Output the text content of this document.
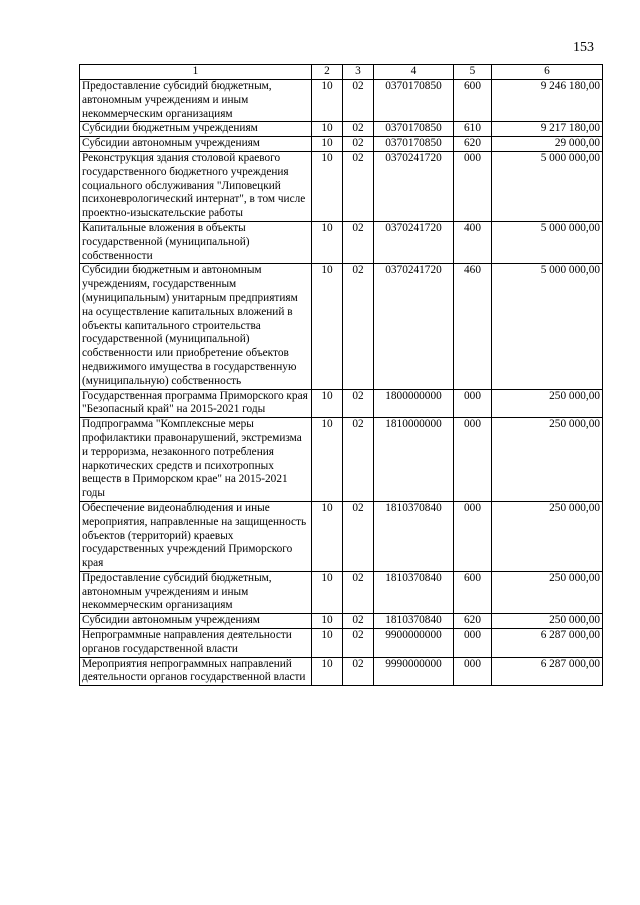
153
1	2	3	4	5	6
Предоставление субсидий бюджетным, автономным учреждениям и иным некоммерческим организациям	10	02	0370170850	600	9 246 180,00
Субсидии бюджетным учреждениям	10	02	0370170850	610	9 217 180,00
Субсидии автономным учреждениям	10	02	0370170850	620	29 000,00
Реконструкция здания столовой краевого государственного бюджетного учреждения социального обслуживания "Липовецкий психоневрологический интернат", в том числе проектно-изыскательские работы	10	02	0370241720	000	5 000 000,00
Капитальные вложения в объекты государственной (муниципальной) собственности	10	02	0370241720	400	5 000 000,00
Субсидии бюджетным и автономным учреждениям, государственным (муниципальным) унитарным предприятиям на осуществление капитальных вложений в объекты капитального строительства государственной (муниципальной) собственности или приобретение объектов недвижимого имущества в государственную (муниципальную) собственность	10	02	0370241720	460	5 000 000,00
Государственная программа Приморского края "Безопасный край" на 2015-2021 годы	10	02	1800000000	000	250 000,00
Подпрограмма "Комплексные меры профилактики правонарушений, экстремизма и терроризма, незаконного потребления наркотических средств и психотропных веществ в Приморском крае" на 2015-2021 годы	10	02	1810000000	000	250 000,00
Обеспечение видеонаблюдения и иные мероприятия, направленные на защищенность объектов (территорий) краевых государственных учреждений Приморского края	10	02	1810370840	000	250 000,00
Предоставление субсидий бюджетным, автономным учреждениям и иным некоммерческим организациям	10	02	1810370840	600	250 000,00
Субсидии автономным учреждениям	10	02	1810370840	620	250 000,00
Непрограммные направления деятельности органов государственной власти	10	02	9900000000	000	6 287 000,00
Мероприятия непрограммных направлений деятельности органов государственной власти	10	02	9990000000	000	6 287 000,00
